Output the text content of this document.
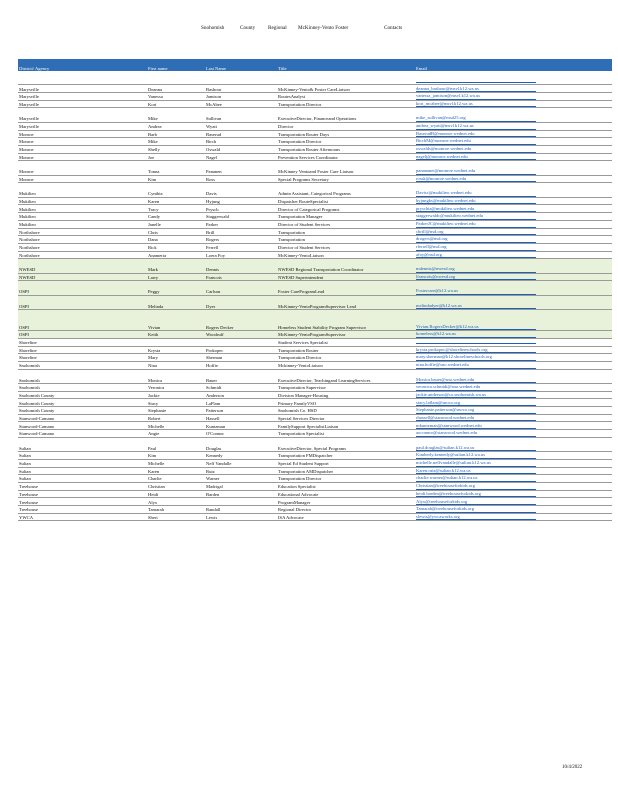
Snohomish	County Regional McKinney-Vento Foster	Contacts
District/ Agency	First name	Last Name	Title	Email

Marysville	Deanna	Bashour	McKinney-Vento& Foster CareLiaison	deanna_bashour@msvl.k12.wa.us
Marysville	Vanessa	Jamison	RoutesAnalyst	vanessa_jamison@msvl.k12.wa.us
Marysville	Kori	McAbee	Transportation Director	kori_mcabee@msvl.k12.wa.us
Marysville	Mike	Sullivan	ExecutiveDirector, Financeand Operations	mike_sullivan@msd25.org
Marysville	Andrea	Wyatt	Director	andrea_wyatt@msvl.k12.wa.us
Monroe	Barb	Baserud	Transportation Router Days	BaserudB@monroe.wednet.edu
Monroe	Mike	Birch	Transportation Director	BirchM@monroe.wednet.edu
Monroe	Shelly	Oswald	Transportation Router Afternoons	oswalds@monroe.wednet.edu
Monroe	Joe	Nagel	Prevention Services Coordinator	nagelj@monroe.wednet.edu
Monroe	Tonna	Pananen	McKinney Ventoand Foster Care Liaison	panananet@monroe.wednet.edu
Monroe	Kim	Ross	Special Programs Secretary	rossk@monroe.wednet.edu
Mukilteo	Cynthia	Davis	Admin Assistant, Categorical Programs	Davisc@mukilteo.wednet.edu
Mukilteo	Karen	Hyjung	Dispatcher RouteSpecialist	hyjungks@mukilteo.wednet.edu
Mukilteo	Tracy	Prysch	Director of Categorical Programs	pryschta@mukilteo.wednet.edu
Mukilteo	Candy	Staggerwald	Transportation Manager	staggerwaldc@mukilteo.wednet.edu
Mukilteo	Janelle	Parker	Director of Student Services	ParkerJC@mukilteo.wednet.edu
Northshore	Chris	Brill	Transportation	cbrill@nsd.org
Northshore	Dana	Rogers	Transportation	drogers@nsd.org
Northshore	Rick	Ferrell	Director of Student Services	rferrell@nsd.org
Northshore	Anameria	Loera Foy	McKinney-VentoLiaison	afoy@nsd.org
NWESD	Mark	Dennis	NWESD Regional Transportation Coordinator	mdennis@nwesd.org
NWESD	Larry	Francois	NWESD Superintendent	lfrancois@nwesd.org
OSPI	Peggy	Carlson	Foster CareProgramLead	Fostercare@k12.wa.us
OSPI	Melinda	Dyer	McKinney-VentoProgramSupervisor Lead	melindadyer@k12.wa.us
OSPI	Vivian	Rogers Decker	Homeless Student Stability Program Supervisor	Vivian.RogersDecker@k12.wa.us
OSPI	Keith	Woodruff	McKinney-VentoProgramSupervisor	homeless@k12.wa.us
Shoreline			Student Services Specialist	
Shoreline	Krysta	Prokopec	Transportation Router	krysta.prokopec@shorelineschools.org
Shoreline	Mary	Sherman	Transportation Director	mary.sherman@k12.shorelineschools.org
Snohomish	Nina	Hoffie	Mckinney-VentoLiaison	nina.hoffie@sno.wednet.edu
Snohomish	Monica	Bauer	ExecutiveDirector, Teachingand LearningServices	Monica.bauer@sno.wednet.edu
Snohomish	Veronica	Schmidt	Transportation Supervisor	veronica.schmidt@sno.wednet.edu
Snohomish County	Jackie	Anderson	Division Manager-Housing	jackie.anderson@co.snohomish.wa.us
Snohomish County	Stacy	LaFlam	Primary FamilyVSO	stacy.laflam@snoco.org
Snohomish County	Stephanie	Patterson	Snohomish Co. HSD	Stephanie.patterson@snoco.org
Stanwood-Camano	Robert	Hassell	Special Services Director	rhassell@stanwood.wednet.edu
Stanwood-Camano	Michelle	Kuntzman	FamilySupport SpecialistLiaison	mkuntzman@stanwood.wednet.edu
Stanwood-Camano	Angie	O'Connor	Transportation Specialist	aoconnor@stanwood.wednet.edu
Sultan	Paul	Douglas	ExecutiveDirector, Special Programs	paul.douglas@sultan.k12.wa.us
Sultan	Kim	Kennedy	Transportation FMDispatcher	Kimberly.kennedy@sultan.k12.wa.us
Sultan	Michelle	Neff Vandalle	Special Ed Student Support	michelle.neffvandalle@sultan.k12.wa.us
Sultan	Karen	Ruiz	Transportation AMDispatcher	Karen.ruiz@sultan.k12.wa.us
Sultan	Charlie	Warner	Transportation Director	charlie.warner@sultan.k12.wa.us
Treehouse	Christian	Madrigal	Education Specialist	Christian@treehouseforkids.org
Treehouse	Heidi	Barden	Educational Advocate	heidi.barden@treehouseforkids.org
Treehouse	Alyx		ProgramManager	Alyx@treehouseforkids.org
Treehouse	Tamarah	Randall	Regional Director	Tamarah@treehouseforkids.org
YWCA	Sheri	Lewis	ISA Advocate	slewis@ywcaworks.org
10/4/2022
